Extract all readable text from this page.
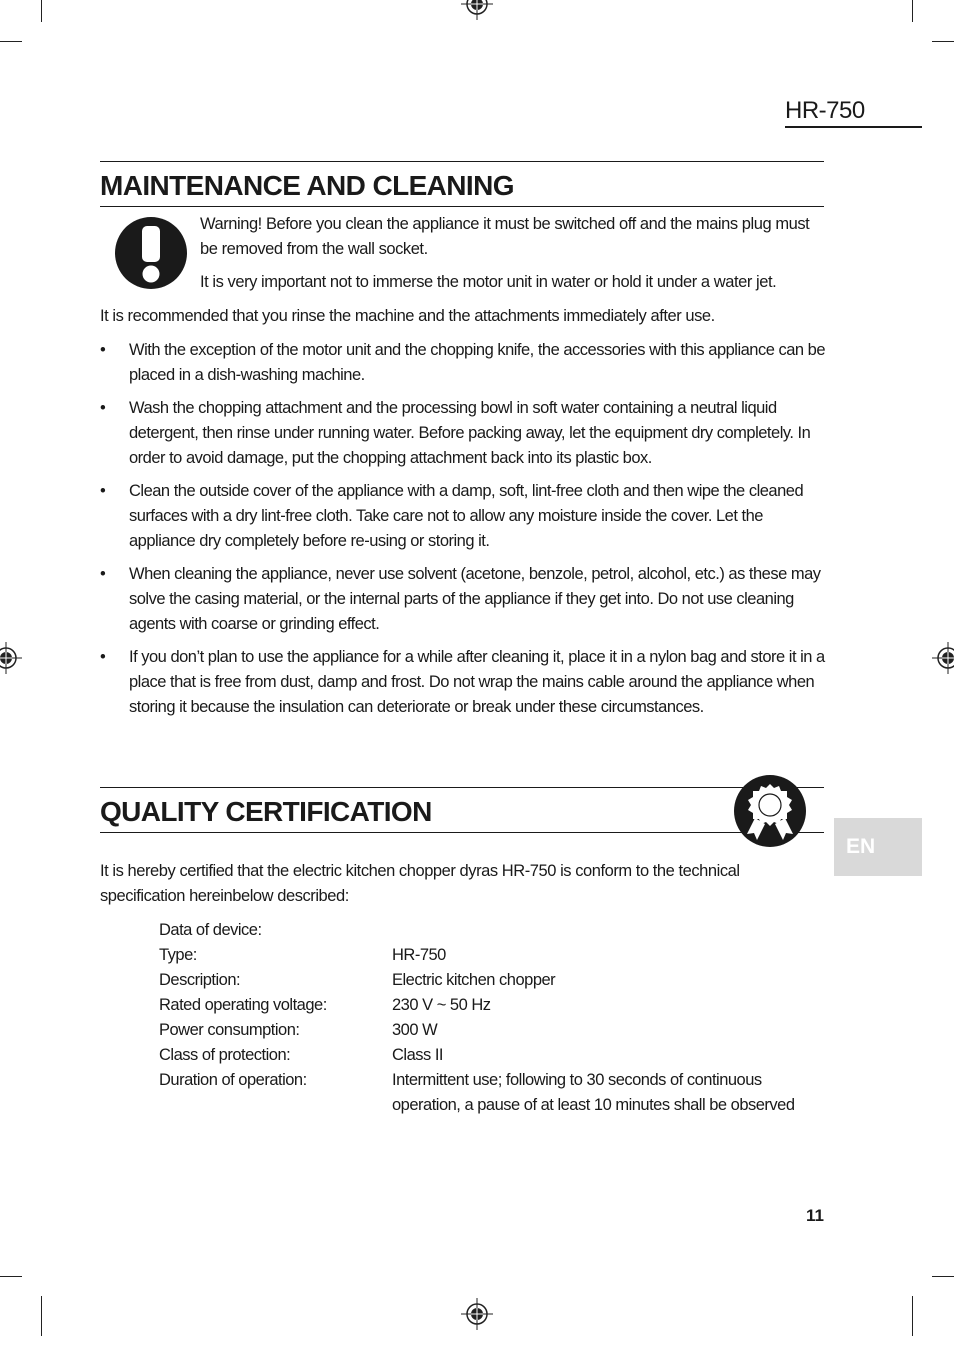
HR-750
MAINTENANCE AND CLEANING

Warning! Before you clean the appliance it must be switched off and the mains plug must be removed from the wall socket.

It is very important not to immerse the motor unit in water or hold it under a water jet.

It is recommended that you rinse the machine and the attachments immediately after use.

• With the exception of the motor unit and the chopping knife, the accessories with this appliance can be placed in a dish-washing machine.
• Wash the chopping attachment and the processing bowl in soft water containing a neutral liquid detergent, then rinse under running water. Before packing away, let the equipment dry completely. In order to avoid damage, put the chopping attachment back into its plastic box.
• Clean the outside cover of the appliance with a damp, soft, lint-free cloth and then wipe the cleaned surfaces with a dry lint-free cloth. Take care not to allow any moisture inside the cover. Let the appliance dry completely before re-using or storing it.
• When cleaning the appliance, never use solvent (acetone, benzole, petrol, alcohol, etc.) as these may solve the casing material, or the internal parts of the appliance if they get into. Do not use cleaning agents with coarse or grinding effect.
• If you don’t plan to use the appliance for a while after cleaning it, place it in a nylon bag and store it in a place that is free from dust, damp and frost. Do not wrap the mains cable around the appliance when storing it because the insulation can deteriorate or break under these circumstances.
QUALITY CERTIFICATION
EN

It is hereby certified that the electric kitchen chopper dyras HR-750 is conform to the technical specification hereinbelow described:

Data of device:
Type:	HR-750
Description:	Electric kitchen chopper
Rated operating voltage:	230 V ~ 50 Hz
Power consumption:	300 W
Class of protection:	Class II
Duration of operation:	Intermittent use; following to 30 seconds of continuous operation, a pause of at least 10 minutes shall be observed
11
